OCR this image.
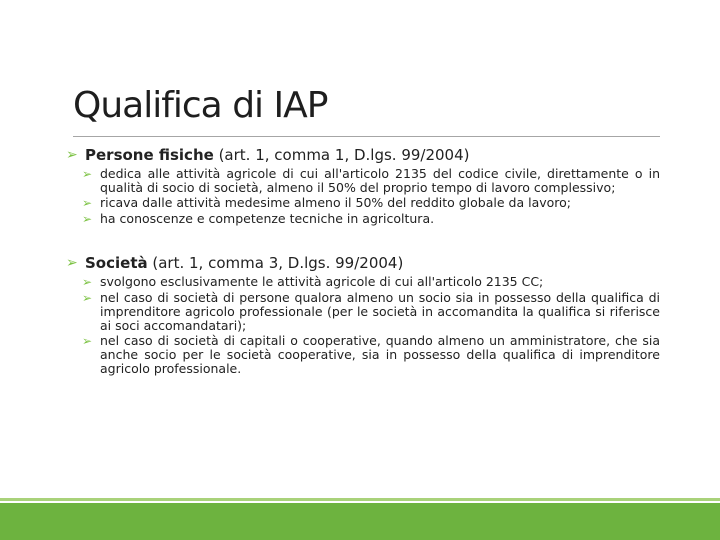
Qualifica di IAP
➢ Persone fisiche (art. 1, comma 1, D.lgs. 99/2004)
➢ dedica alle attività agricole di cui all'articolo 2135 del codice civile, direttamente o in qualità di socio di società, almeno il 50% del proprio tempo di lavoro complessivo;
➢ ricava dalle attività medesime almeno il 50% del reddito globale da lavoro;
➢ ha conoscenze e competenze tecniche in agricoltura.
➢ Società (art. 1, comma 3, D.lgs. 99/2004)
➢ svolgono esclusivamente le attività agricole di cui all'articolo 2135 CC;
➢ nel caso di società di persone qualora almeno un socio sia in possesso della qualifica di imprenditore agricolo professionale (per le società in accomandita la qualifica si riferisce ai soci accomandatari);
➢ nel caso di società di capitali o cooperative, quando almeno un amministratore, che sia anche socio per le società cooperative, sia in possesso della qualifica di imprenditore agricolo professionale.
